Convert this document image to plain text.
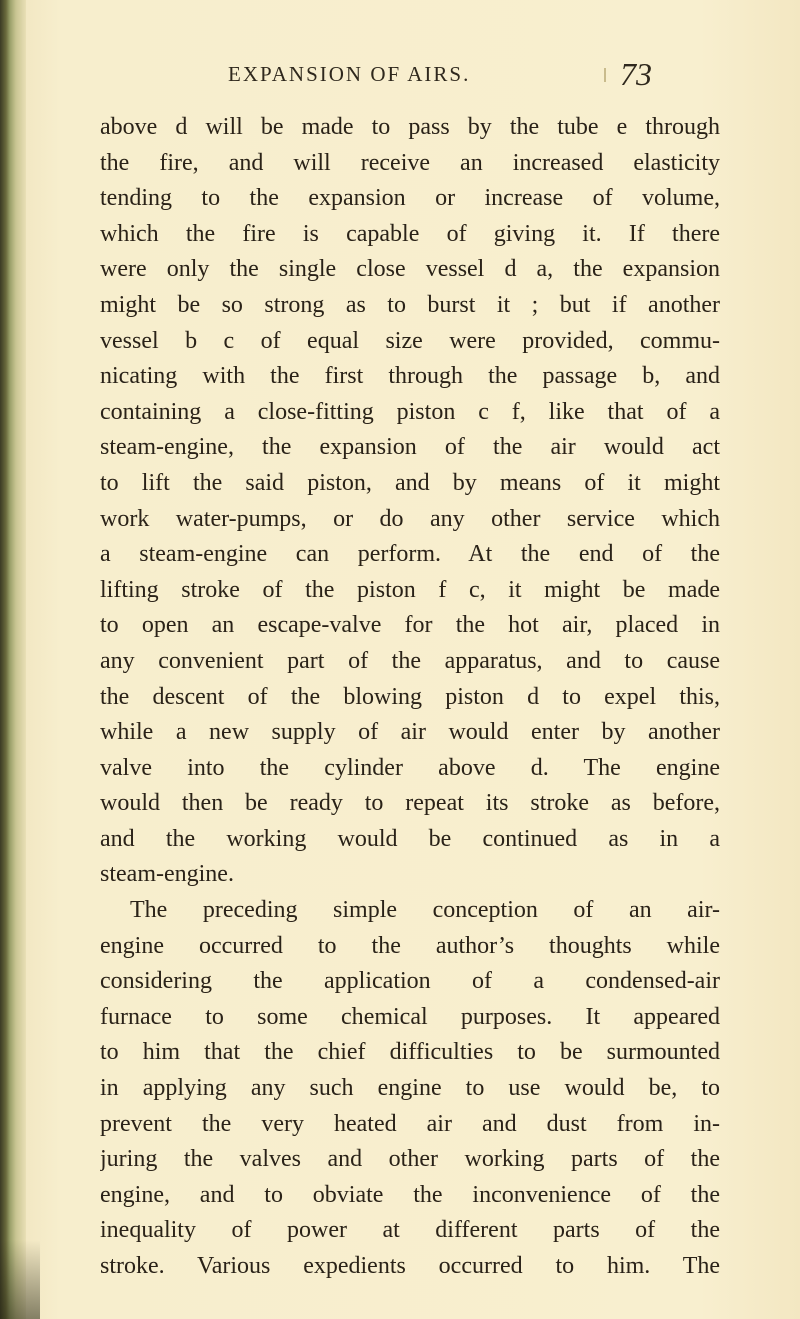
EXPANSION OF AIRS.	73
above d will be made to pass by the tube e through
the fire, and will receive an increased elasticity
tending to the expansion or increase of volume,
which the fire is capable of giving it. If there
were only the single close vessel d a, the expansion
might be so strong as to burst it ; but if another
vessel b c of equal size were provided, commu-
nicating with the first through the passage b, and
containing a close-fitting piston c f, like that of a
steam-engine, the expansion of the air would act
to lift the said piston, and by means of it might
work water-pumps, or do any other service which
a steam-engine can perform. At the end of the
lifting stroke of the piston f c, it might be made
to open an escape-valve for the hot air, placed in
any convenient part of the apparatus, and to cause
the descent of the blowing piston d to expel this,
while a new supply of air would enter by another
valve into the cylinder above d. The engine
would then be ready to repeat its stroke as before,
and the working would be continued as in a
steam-engine.
The preceding simple conception of an air-
engine occurred to the author’s thoughts while
considering the application of a condensed-air
furnace to some chemical purposes. It appeared
to him that the chief difficulties to be surmounted
in applying any such engine to use would be, to
prevent the very heated air and dust from in-
juring the valves and other working parts of the
engine, and to obviate the inconvenience of the
inequality of power at different parts of the
stroke. Various expedients occurred to him. The
